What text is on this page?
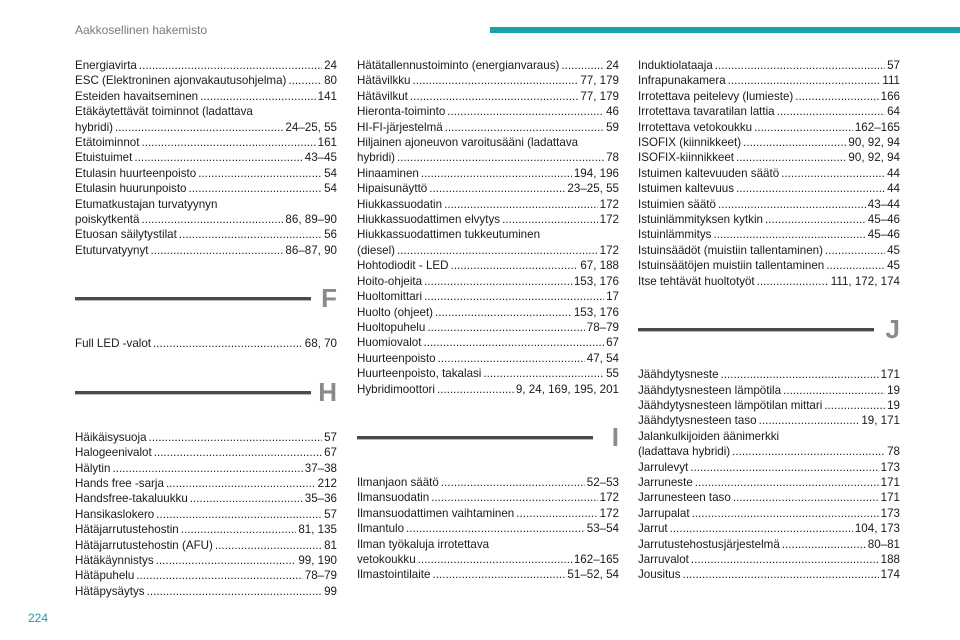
Aakkosellinen hakemisto
Energiavirta . . .	24
ESC (Elektroninen ajonvakautusohjelma) . . .	80
Esteiden havaitseminen . . .	141
Etäkäytettävät toiminnot (ladattava
hybridi) . . .	24–25, 55
Etätoiminnot . . .	161
Etuistuimet . . .	43–45
Etulasin huurteenpoisto . . .	54
Etulasin huurunpoisto . . .	54
Etumatkustajan turvatyynyn
poiskytkentä . . .	86, 89–90
Etuosan säilytystilat . . .	56
Etuturvatyynyt . . .	86–87, 90
F
Full LED -valot . . .	68, 70
H
Häikäisysuoja . . .	57
Halogeenivalot . . .	67
Hälytin . . .	37–38
Hands free -sarja . . .	212
Handsfree-takaluukku . . .	35–36
Hansikaslokero . . .	57
Hätäjarrutustehostin . . .	81, 135
Hätäjarrutustehostin (AFU) . . .	81
Hätäkäynnistys . . .	99, 190
Hätäpuhelu . . .	78–79
Hätäpysäytys . . .	99
Hätätallennustoiminto (energianvaraus) . . .	24
Hätävilkku . . .	77, 179
Hätävilkut . . .	77, 179
Hieronta-toiminto . . .	46
HI-FI-järjestelmä . . .	59
Hiljainen ajoneuvon varoitusääni (ladattava
hybridi) . . .	78
Hinaaminen . . .	194, 196
Hipaisunäyttö . . .	23–25, 55
Hiukkassuodatin . . .	172
Hiukkassuodattimen elvytys . . .	172
Hiukkassuodattimen tukkeutuminen
(diesel) . . .	172
Hohtodiodit - LED . . .	67, 188
Hoito-ohjeita . . .	153, 176
Huoltomittari . . .	17
Huolto (ohjeet) . . .	153, 176
Huoltopuhelu . . .	78–79
Huomiovalot . . .	67
Huurteenpoisto . . .	47, 54
Huurteenpoisto, takalasi . . .	55
Hybridimoottori . . .	9, 24, 169, 195, 201
I
Ilmanjaon säätö . . .	52–53
Ilmansuodatin . . .	172
Ilmansuodattimen vaihtaminen . . .	172
Ilmantulo . . .	53–54
Ilman työkaluja irrotettava
vetokoukku . . .	162–165
Ilmastointilaite . . .	51–52, 54
Induktiolataaja . . .	57
Infrapunakamera . . .	111
Irrotettava peitelevy (lumieste) . . .	166
Irrotettava tavaratilan lattia . . .	64
Irrotettava vetokoukku . . .	162–165
ISOFIX (kiinnikkeet) . . .	90, 92, 94
ISOFIX-kiinnikkeet . . .	90, 92, 94
Istuimen kaltevuuden säätö . . .	44
Istuimen kaltevuus . . .	44
Istuimien säätö . . .	43–44
Istuinlämmityksen kytkin . . .	45–46
Istuinlämmitys . . .	45–46
Istuinsäädöt (muistiin tallentaminen) . . .	45
Istuinsäätöjen muistiin tallentaminen . . .	45
Itse tehtävät huoltotyöt . . .	111, 172, 174
J
Jäähdytysneste . . .	171
Jäähdytysnesteen lämpötila . . .	19
Jäähdytysnesteen lämpötilan mittari . . .	19
Jäähdytysnesteen taso . . .	19, 171
Jalankulkijoiden äänimerkki
(ladattava hybridi) . . .	78
Jarrulevyt . . .	173
Jarruneste . . .	171
Jarrunesteen taso . . .	171
Jarrupalat . . .	173
Jarrut . . .	104, 173
Jarrutustehostusjärjestelmä . . .	80–81
Jarruvalot . . .	188
Jousitus . . .	174
224
